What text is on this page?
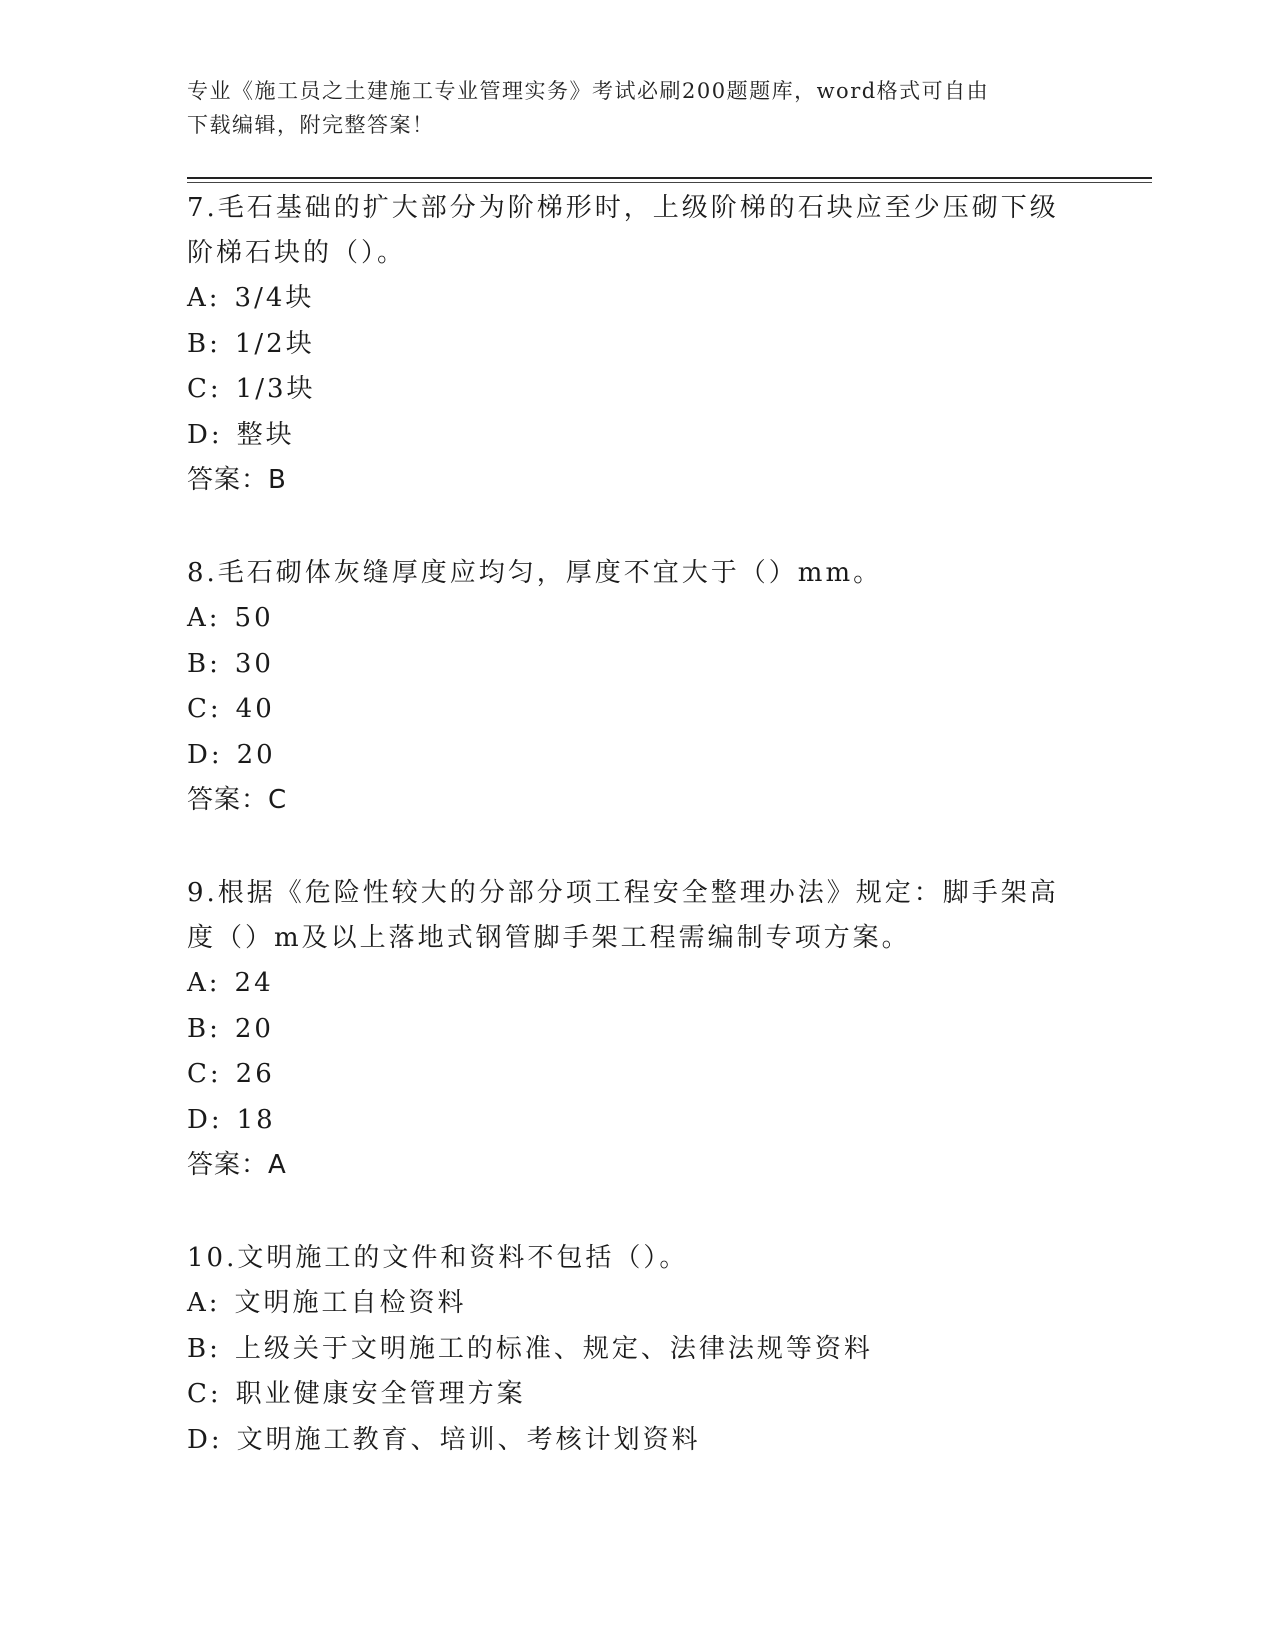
专业《施工员之土建施工专业管理实务》考试必刷200题题库，word格式可自由
下载编辑，附完整答案！

7.毛石基础的扩大部分为阶梯形时，上级阶梯的石块应至少压砌下级
阶梯石块的（）。

A: 3/4块

B: 1/2块

C: 1/3块

D: 整块

答案：B

8.毛石砌体灰缝厚度应均匀，厚度不宜大于（）mm。

A: 50

B: 30

C: 40

D: 20

答案：C

9.根据《危险性较大的分部分项工程安全整理办法》规定：脚手架高
度（）m及以上落地式钢管脚手架工程需编制专项方案。

A: 24

B: 20

C: 26

D: 18

答案：A

10.文明施工的文件和资料不包括（）。

A: 文明施工自检资料

B: 上级关于文明施工的标准、规定、法律法规等资料

C: 职业健康安全管理方案

D: 文明施工教育、培训、考核计划资料
